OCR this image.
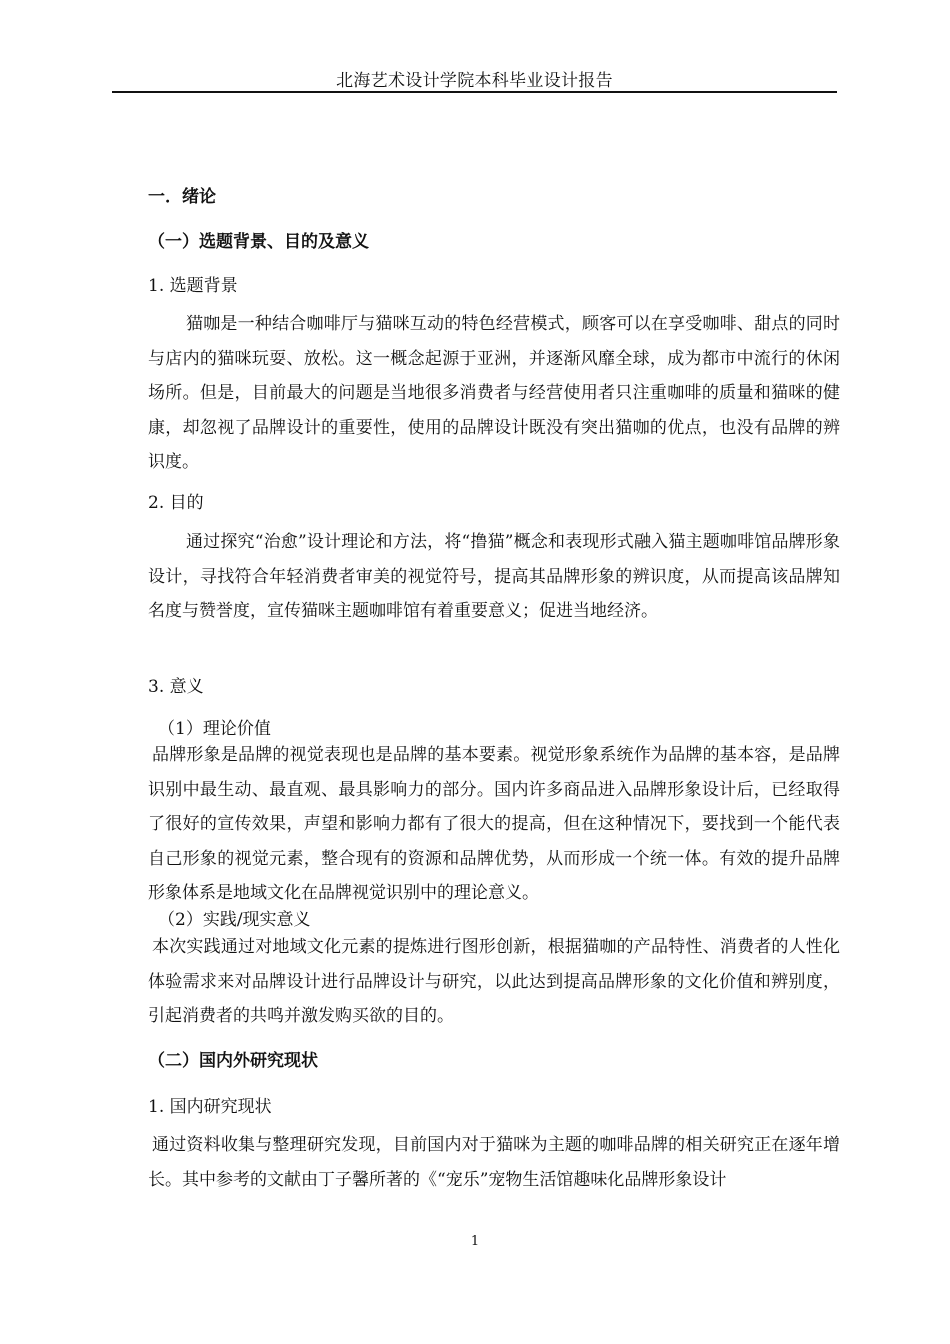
北海艺术设计学院本科毕业设计报告
一．绪论
（一）选题背景、目的及意义
1. 选题背景

猫咖是一种结合咖啡厅与猫咪互动的特色经营模式，顾客可以在享受咖啡、甜点的同时与店内的猫咪玩耍、放松。这一概念起源于亚洲，并逐渐风靡全球，成为都市中流行的休闲场所。但是，目前最大的问题是当地很多消费者与经营使用者只注重咖啡的质量和猫咪的健康，却忽视了品牌设计的重要性，使用的品牌设计既没有突出猫咖的优点，也没有品牌的辨识度。

2. 目的

通过探究“治愈”设计理论和方法，将“撸猫”概念和表现形式融入猫主题咖啡馆品牌形象设计，寻找符合年轻消费者审美的视觉符号，提高其品牌形象的辨识度，从而提高该品牌知名度与赞誉度，宣传猫咪主题咖啡馆有着重要意义；促进当地经济。

3. 意义
（1）理论价值

品牌形象是品牌的视觉表现也是品牌的基本要素。视觉形象系统作为品牌的基本容，是品牌识别中最生动、最直观、最具影响力的部分。国内许多商品进入品牌形象设计后，已经取得了很好的宣传效果，声望和影响力都有了很大的提高，但在这种情况下，要找到一个能代表自己形象的视觉元素，整合现有的资源和品牌优势，从而形成一个统一体。有效的提升品牌形象体系是地域文化在品牌视觉识别中的理论意义。

（2）实践/现实意义

本次实践通过对地域文化元素的提炼进行图形创新，根据猫咖的产品特性、消费者的人性化体验需求来对品牌设计进行品牌设计与研究，以此达到提高品牌形象的文化价值和辨别度，引起消费者的共鸣并激发购买欲的目的。

（二）国内外研究现状
1. 国内研究现状

通过资料收集与整理研究发现，目前国内对于猫咪为主题的咖啡品牌的相关研究正在逐年增长。其中参考的文献由丁子馨所著的《“宠乐”宠物生活馆趣味化品牌形象设计

1
